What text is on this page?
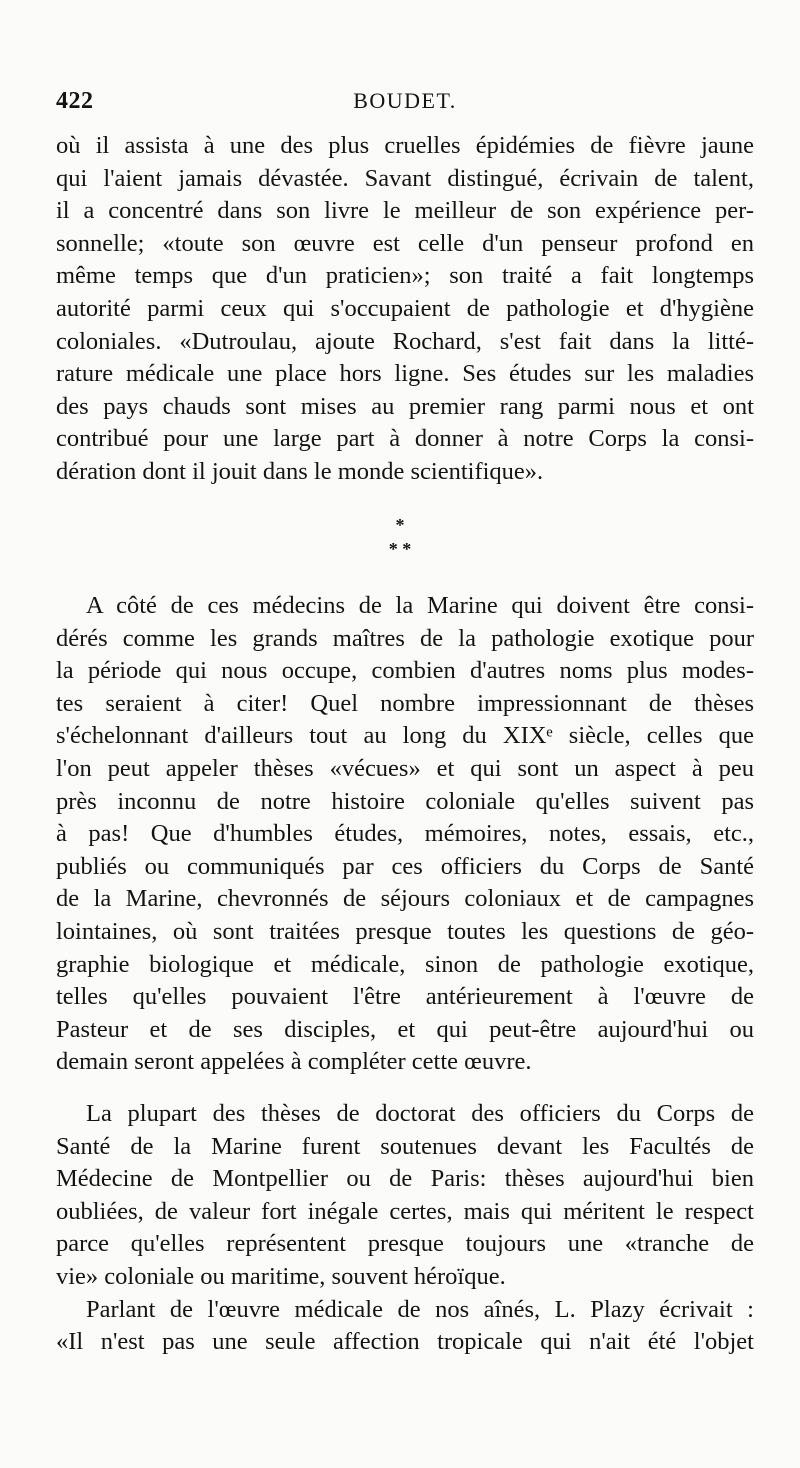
422	BOUDET.
où il assista à une des plus cruelles épidémies de fièvre jaune
qui l'aient jamais dévastée. Savant distingué, écrivain de talent,
il a concentré dans son livre le meilleur de son expérience per-
sonnelle; «toute son œuvre est celle d'un penseur profond en
même temps que d'un praticien»; son traité a fait longtemps
autorité parmi ceux qui s'occupaient de pathologie et d'hygiène
coloniales. «Dutroulau, ajoute Rochard, s'est fait dans la litté-
rature médicale une place hors ligne. Ses études sur les maladies
des pays chauds sont mises au premier rang parmi nous et ont
contribué pour une large part à donner à notre Corps la consi-
dération dont il jouit dans le monde scientifique».
*
* *
A côté de ces médecins de la Marine qui doivent être consi-
dérés comme les grands maîtres de la pathologie exotique pour
la période qui nous occupe, combien d'autres noms plus modes-
tes seraient à citer! Quel nombre impressionnant de thèses
s'échelonnant d'ailleurs tout au long du XIXᵉ siècle, celles que
l'on peut appeler thèses «vécues» et qui sont un aspect à peu
près inconnu de notre histoire coloniale qu'elles suivent pas
à pas! Que d'humbles études, mémoires, notes, essais, etc.,
publiés ou communiqués par ces officiers du Corps de Santé
de la Marine, chevronnés de séjours coloniaux et de campagnes
lointaines, où sont traitées presque toutes les questions de géo-
graphie biologique et médicale, sinon de pathologie exotique,
telles qu'elles pouvaient l'être antérieurement à l'œuvre de
Pasteur et de ses disciples, et qui peut-être aujourd'hui ou
demain seront appelées à compléter cette œuvre.
La plupart des thèses de doctorat des officiers du Corps de
Santé de la Marine furent soutenues devant les Facultés de
Médecine de Montpellier ou de Paris: thèses aujourd'hui bien
oubliées, de valeur fort inégale certes, mais qui méritent le respect
parce qu'elles représentent presque toujours une «tranche de
vie» coloniale ou maritime, souvent héroïque.
Parlant de l'œuvre médicale de nos aînés, L. Plazy écrivait :
«Il n'est pas une seule affection tropicale qui n'ait été l'objet
